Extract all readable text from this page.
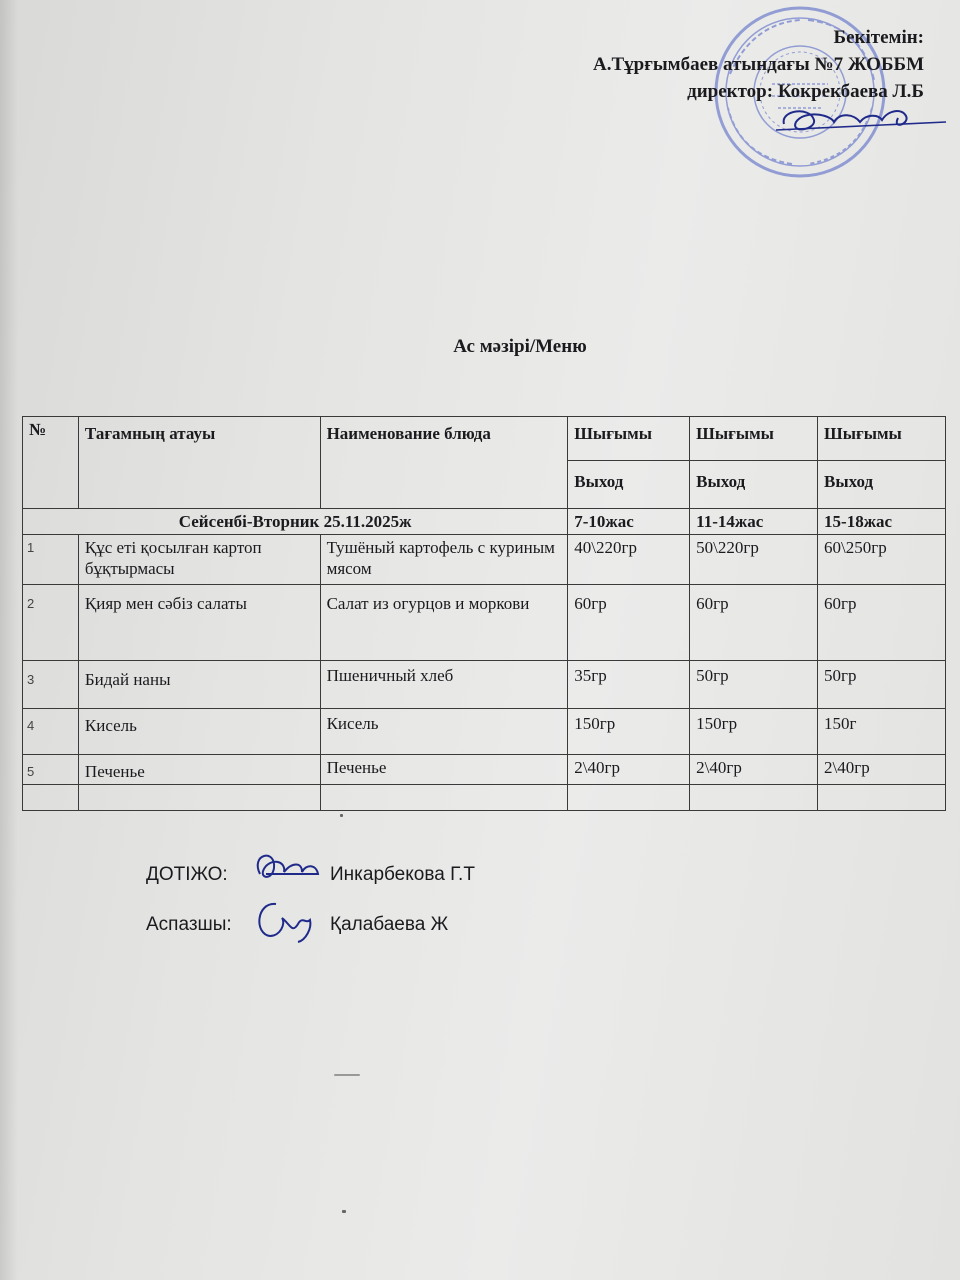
Бекітемін:
А.Тұрғымбаев атындағы №7 ЖОББМ
директор: Кокрекбаева Л.Б
Ас мәзірі/Меню
№	Тағамның атауы	Наименование блюда	Шығымы	Шығымы	Шығымы
			Выход	Выход	Выход
Сейсенбі-Вторник 25.11.2025ж			7-10жас	11-14жас	15-18жас
1	Құс еті қосылған картоп бұқтырмасы	Тушёный картофель с куриным мясом	40\220гр	50\220гр	60\250гр
2	Қияр мен сәбіз салаты	Салат из огурцов и моркови	60гр	60гр	60гр
3	Бидай наны	Пшеничный хлеб	35гр	50гр	50гр
4	Кисель	Кисель	150гр	150гр	150г
5	Печенье	Печенье	2\40гр	2\40гр	2\40гр

ДОТІЖО:	Инкарбекова Г.Т
Аспазшы:	Қалабаева Ж
